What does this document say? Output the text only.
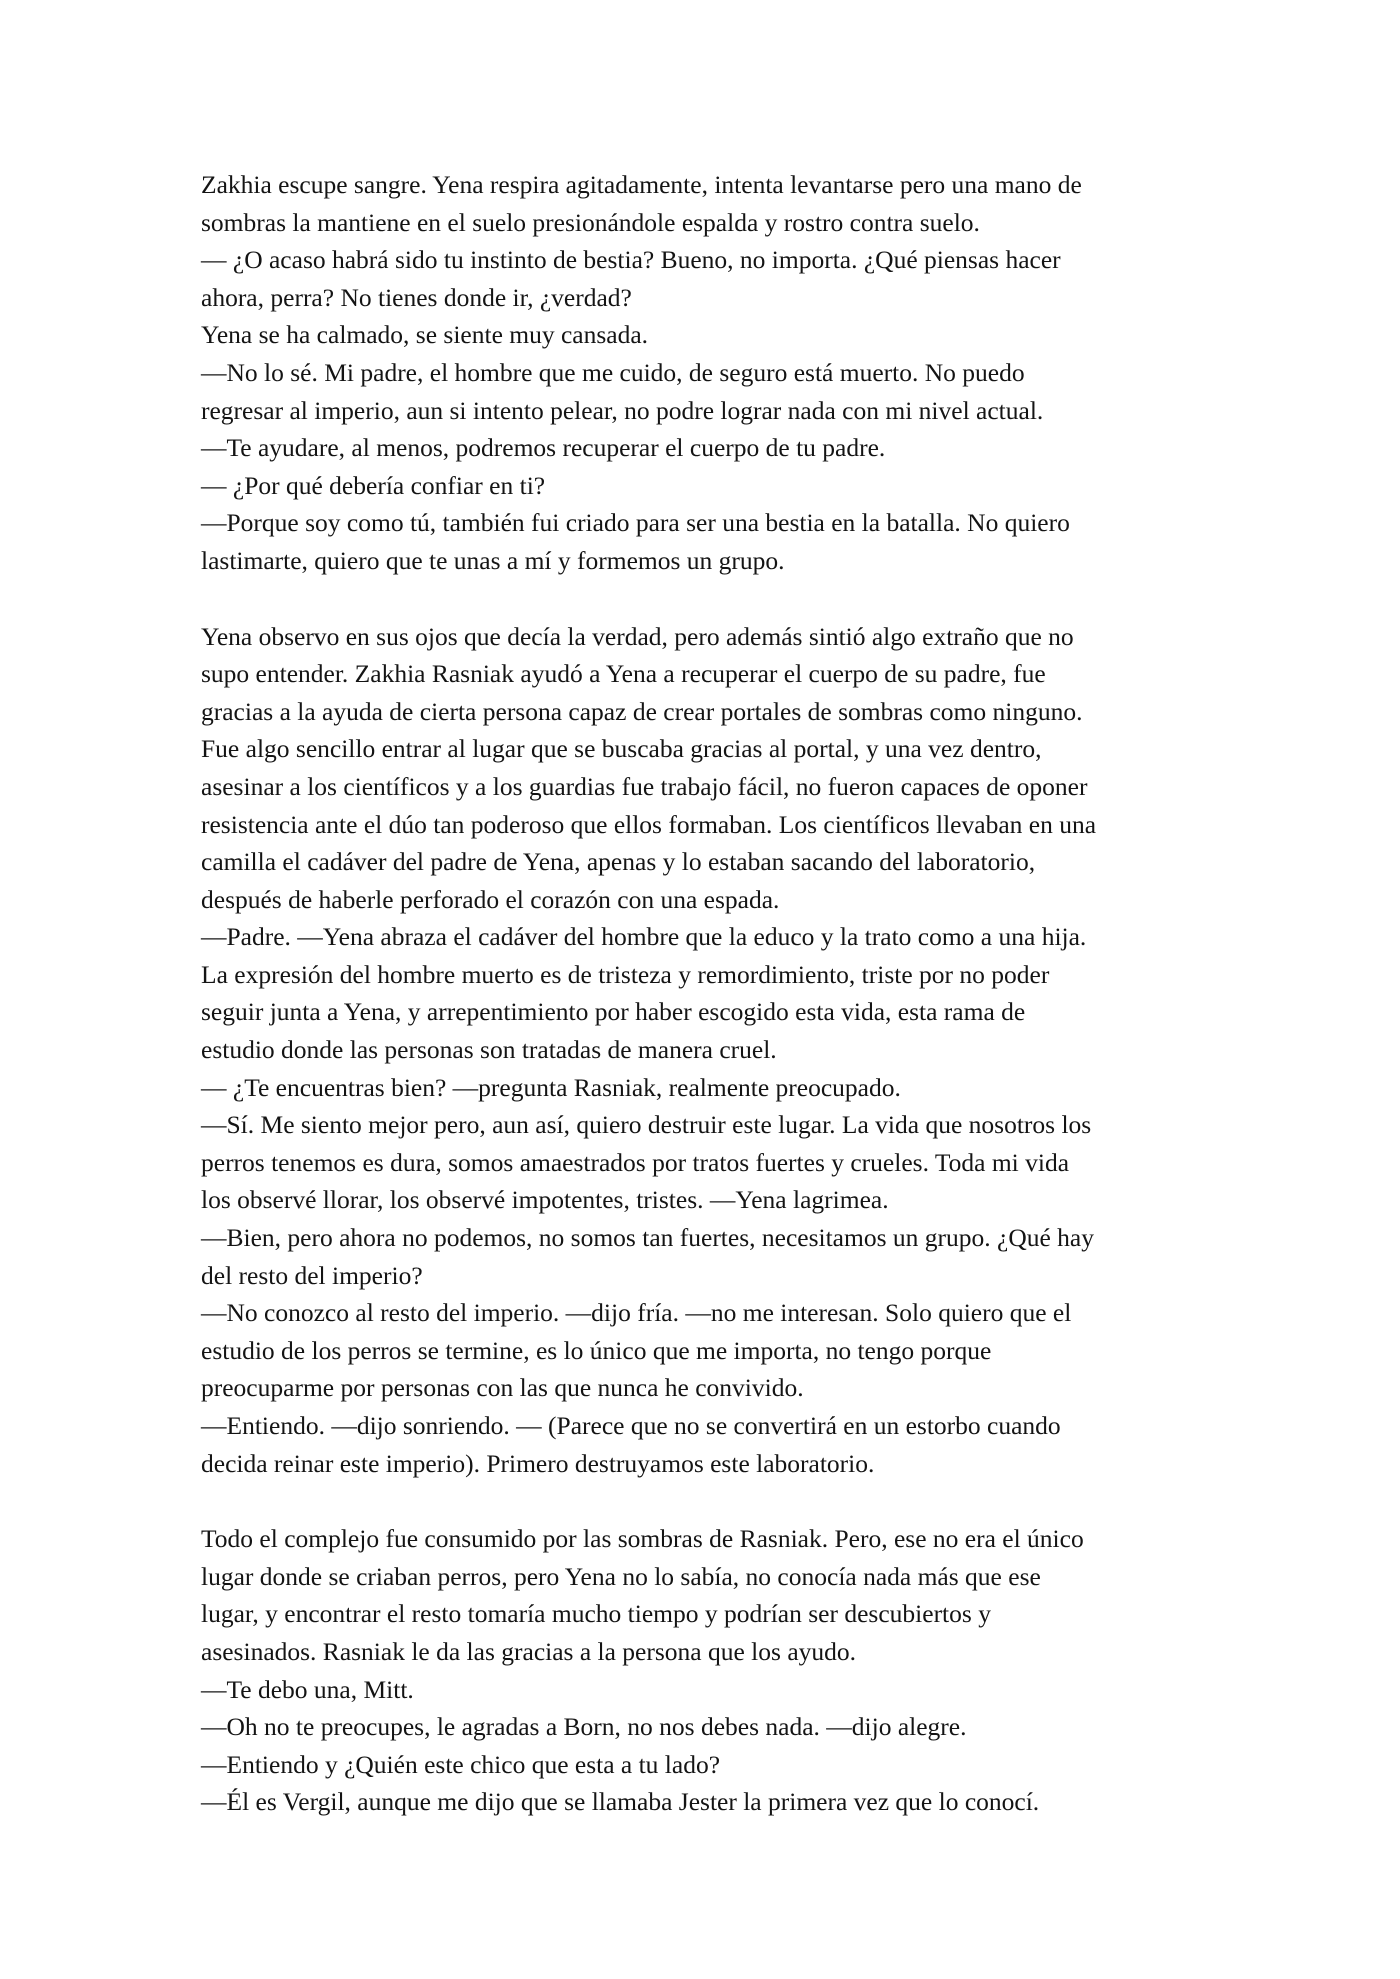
Zakhia escupe sangre. Yena respira agitadamente, intenta levantarse pero una mano de
sombras la mantiene en el suelo presionándole espalda y rostro contra suelo.
— ¿O acaso habrá sido tu instinto de bestia? Bueno, no importa. ¿Qué piensas hacer
ahora, perra? No tienes donde ir, ¿verdad?
Yena se ha calmado, se siente muy cansada.
—No lo sé. Mi padre, el hombre que me cuido, de seguro está muerto. No puedo
regresar al imperio, aun si intento pelear, no podre lograr nada con mi nivel actual.
—Te ayudare, al menos, podremos recuperar el cuerpo de tu padre.
— ¿Por qué debería confiar en ti?
—Porque soy como tú, también fui criado para ser una bestia en la batalla. No quiero
lastimarte, quiero que te unas a mí y formemos un grupo.
Yena observo en sus ojos que decía la verdad, pero además sintió algo extraño que no
supo entender. Zakhia Rasniak ayudó a Yena a recuperar el cuerpo de su padre, fue
gracias a la ayuda de cierta persona capaz de crear portales de sombras como ninguno.
Fue algo sencillo entrar al lugar que se buscaba gracias al portal, y una vez dentro,
asesinar a los científicos y a los guardias fue trabajo fácil, no fueron capaces de oponer
resistencia ante el dúo tan poderoso que ellos formaban. Los científicos llevaban en una
camilla el cadáver del padre de Yena, apenas y lo estaban sacando del laboratorio,
después de haberle perforado el corazón con una espada.
—Padre. —Yena abraza el cadáver del hombre que la educo y la trato como a una hija.
La expresión del hombre muerto es de tristeza y remordimiento, triste por no poder
seguir junta a Yena, y arrepentimiento por haber escogido esta vida, esta rama de
estudio donde las personas son tratadas de manera cruel.
— ¿Te encuentras bien? —pregunta Rasniak, realmente preocupado.
—Sí. Me siento mejor pero, aun así, quiero destruir este lugar. La vida que nosotros los
perros tenemos es dura, somos amaestrados por tratos fuertes y crueles. Toda mi vida
los observé llorar, los observé impotentes, tristes. —Yena lagrimea.
—Bien, pero ahora no podemos, no somos tan fuertes, necesitamos un grupo. ¿Qué hay
del resto del imperio?
—No conozco al resto del imperio. —dijo fría. —no me interesan. Solo quiero que el
estudio de los perros se termine, es lo único que me importa, no tengo porque
preocuparme por personas con las que nunca he convivido.
—Entiendo. —dijo sonriendo. — (Parece que no se convertirá en un estorbo cuando
decida reinar este imperio). Primero destruyamos este laboratorio.
Todo el complejo fue consumido por las sombras de Rasniak. Pero, ese no era el único
lugar donde se criaban perros, pero Yena no lo sabía, no conocía nada más que ese
lugar, y encontrar el resto tomaría mucho tiempo y podrían ser descubiertos y
asesinados. Rasniak le da las gracias a la persona que los ayudo.
—Te debo una, Mitt.
—Oh no te preocupes, le agradas a Born, no nos debes nada. —dijo alegre.
—Entiendo y ¿Quién este chico que esta a tu lado?
—Él es Vergil, aunque me dijo que se llamaba Jester la primera vez que lo conocí.
